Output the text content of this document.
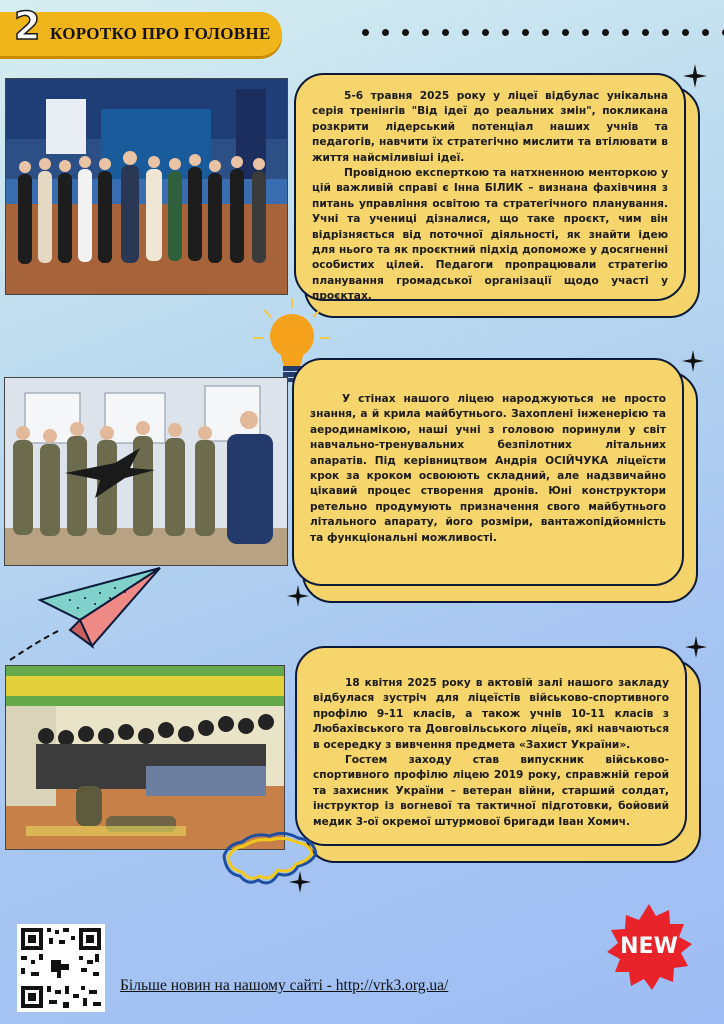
2 КОРОТКО ПРО ГОЛОВНЕ

5-6 травня 2025 року у ліцеї відбулас унікальна серія тренінгів "Від ідеї до реальних змін", покликана розкрити лідерський потенціал наших учнів та педагогів, навчити їх стратегічно мислити та втілювати в життя найсміливіші ідеї.

Провідною експерткою та натхненною менторкою у цій важливій справі є Інна БІЛИК – визнана фахівчиня з питань управління освітою та стратегічного планування. Учні та учениці дізналися, що таке проєкт, чим він відрізняється від поточної діяльності, як знайти ідею для нього та як проєктний підхід допоможе у досягненні особистих цілей. Педагоги пропрацювали стратегію планування громадської організації щодо участі у проєктах.

У стінах нашого ліцею народжуються не просто знання, а й крила майбутнього. Захоплені інженерією та аеродинамікою, наші учні з головою поринули у світ навчально-тренувальних безпілотних літальних апаратів. Під керівництвом Андрія ОСІЙЧУКА ліцеїсти крок за кроком освоюють складний, але надзвичайно цікавий процес створення дронів. Юні конструктори ретельно продумують призначення свого майбутнього літального апарату, його розміри, вантажопідйомність та функціональні можливості.

18 квітня 2025 року в актовій залі нашого закладу відбулася зустріч для ліцеїстів військово-спортивного профілю 9-11 класів, а також учнів 10-11 класів з Любахівського та Довговільського ліцеїв, які навчаються в осередку з вивчення предмета «Захист України».

Гостем заходу став випускник військово-спортивного профілю ліцею 2019 року, справжній герой та захисник України – ветеран війни, старший солдат, інструктор із вогневої та тактичної підготовки, бойовий медик 3-ої окремої штурмової бригади Іван Хомич.

Більше новин на нашому сайті - http://vrk3.org.ua/
NEW
